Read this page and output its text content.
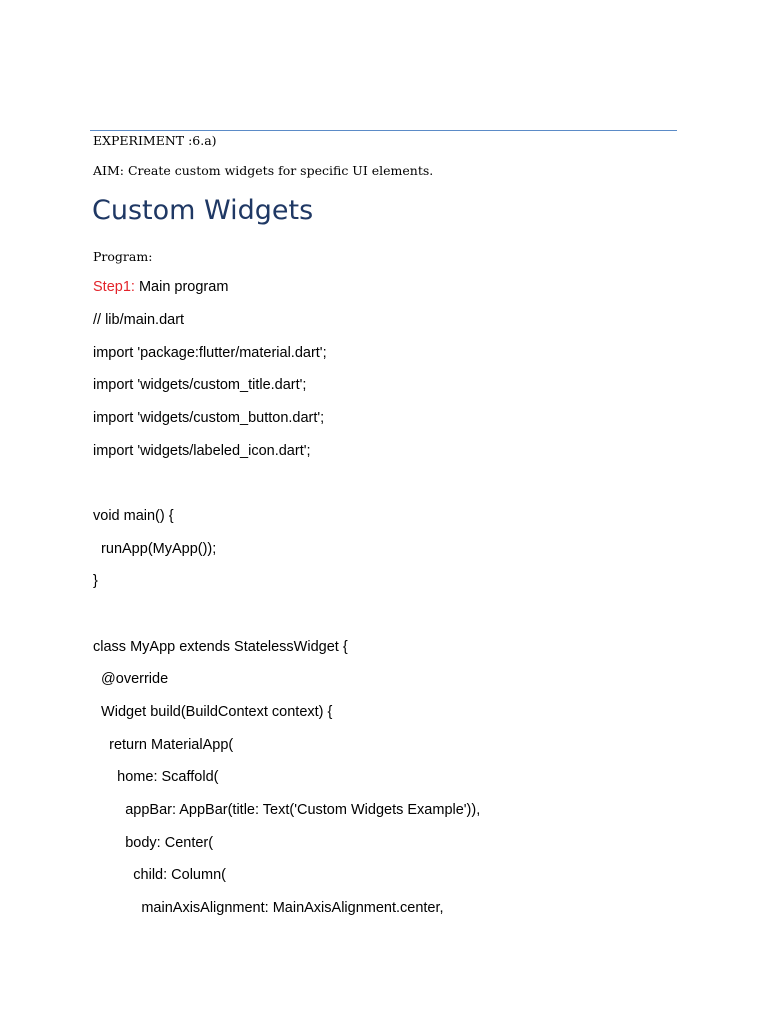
EXPERIMENT :6.a)
AIM: Create custom widgets for specific UI elements.
Custom Widgets
Program:
Step1: Main program
// lib/main.dart
import 'package:flutter/material.dart';
import 'widgets/custom_title.dart';
import 'widgets/custom_button.dart';
import 'widgets/labeled_icon.dart';
void main() {
runApp(MyApp());
}
class MyApp extends StatelessWidget {
@override
Widget build(BuildContext context) {
return MaterialApp(
home: Scaffold(
appBar: AppBar(title: Text('Custom Widgets Example')),
body: Center(
child: Column(
mainAxisAlignment: MainAxisAlignment.center,
